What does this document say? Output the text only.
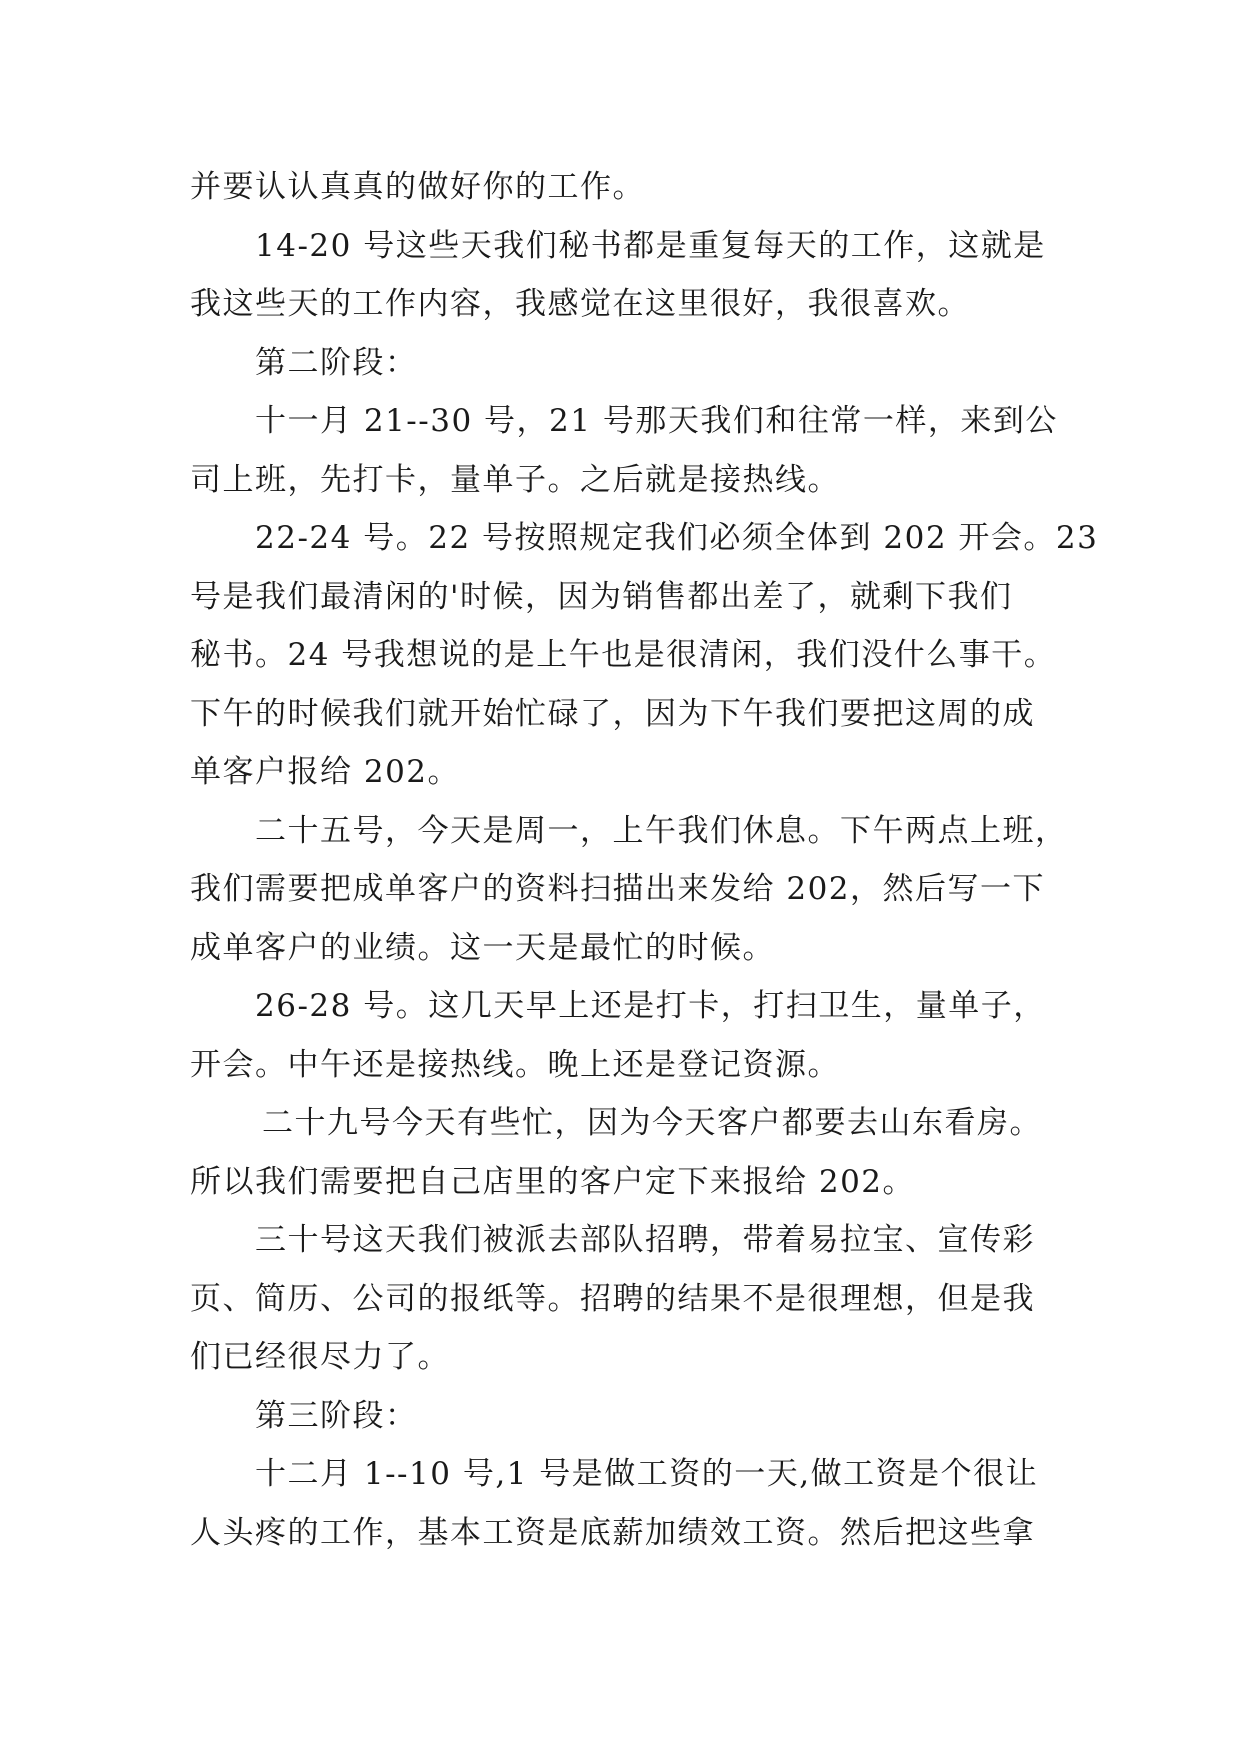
并要认认真真的做好你的工作。
14-20 号这些天我们秘书都是重复每天的工作，这就是
我这些天的工作内容，我感觉在这里很好，我很喜欢。
第二阶段：
十一月 21--30 号，21 号那天我们和往常一样，来到公
司上班，先打卡，量单子。之后就是接热线。
22-24 号。22 号按照规定我们必须全体到 202 开会。23
号是我们最清闲的'时候，因为销售都出差了，就剩下我们
秘书。24 号我想说的是上午也是很清闲，我们没什么事干。
下午的时候我们就开始忙碌了，因为下午我们要把这周的成
单客户报给 202。
二十五号，今天是周一，上午我们休息。下午两点上班，
我们需要把成单客户的资料扫描出来发给 202，然后写一下
成单客户的业绩。这一天是最忙的时候。
26-28 号。这几天早上还是打卡，打扫卫生，量单子，
开会。中午还是接热线。晚上还是登记资源。
二十九号今天有些忙，因为今天客户都要去山东看房。
所以我们需要把自己店里的客户定下来报给 202。
三十号这天我们被派去部队招聘，带着易拉宝、宣传彩
页、简历、公司的报纸等。招聘的结果不是很理想，但是我
们已经很尽力了。
第三阶段：
十二月 1--10 号,1 号是做工资的一天,做工资是个很让
人头疼的工作，基本工资是底薪加绩效工资。然后把这些拿
